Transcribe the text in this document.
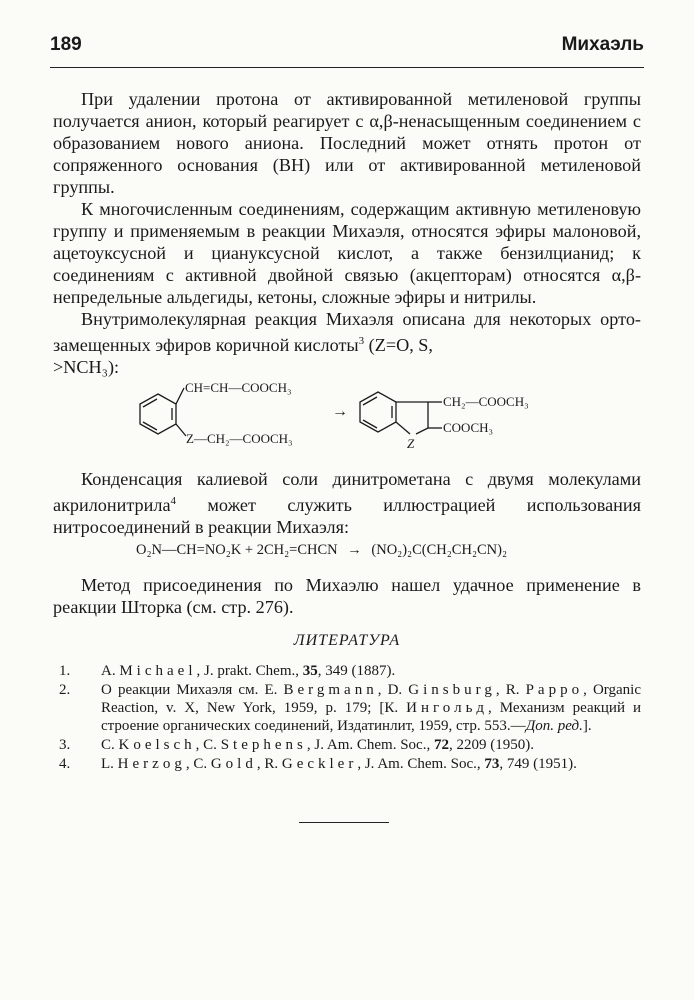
189	Михаэль

При удалении протона от активированной метиленовой группы получается анион, который реагирует с α,β-ненасыщенным соединением с образованием нового аниона. Последний может отнять протон от сопряженного основания (BH) или от активированной метиленовой группы.

К многочисленным соединениям, содержащим активную метиленовую группу и применяемым в реакции Михаэля, относятся эфиры малоновой, ацетоуксусной и циануксусной кислот, а также бензилцианид; к соединениям с активной двойной связью (акцепторам) относятся α,β-непредельные альдегиды, кетоны, сложные эфиры и нитрилы.

Внутримолекулярная реакция Михаэля описана для некоторых орто-замещенных эфиров коричной кислоты$^3$ (Z=O, S,
>NCH₃):

CH=CH—COOCH₃
Z—CH₂—COOCH₃
→
CH₂—COOCH₃
COOCH₃
Z

Конденсация калиевой соли динитрометана с двумя молекулами акрилонитрила$^4$ может служить иллюстрацией использования нитросоединений в реакции Михаэля:

O₂N—CH=NO₂K + 2CH₂=CHCN → (NO₂)₂C(CH₂CH₂CN)₂

Метод присоединения по Михаэлю нашел удачное применение в реакции Шторка (см. стр. 276).

ЛИТЕРАТУРА

1. A. Michael, J. prakt. Chem., 35, 349 (1887).

2. О реакции Михаэля см. E. Bergmann, D. Ginsburg, R. Pappo, Organic Reaction, v. X, New York, 1959, p. 179; [К. Ингольд, Механизм реакций и строение органических соединений, Издатинлит, 1959, стр. 553.—Доп. ред.].

3. C. Koelsch, C. Stephens, J. Am. Chem. Soc., 72, 2209 (1950).

4. L. Herzog, C. Gold, R. Geckler, J. Am. Chem. Soc., 73, 749 (1951).
